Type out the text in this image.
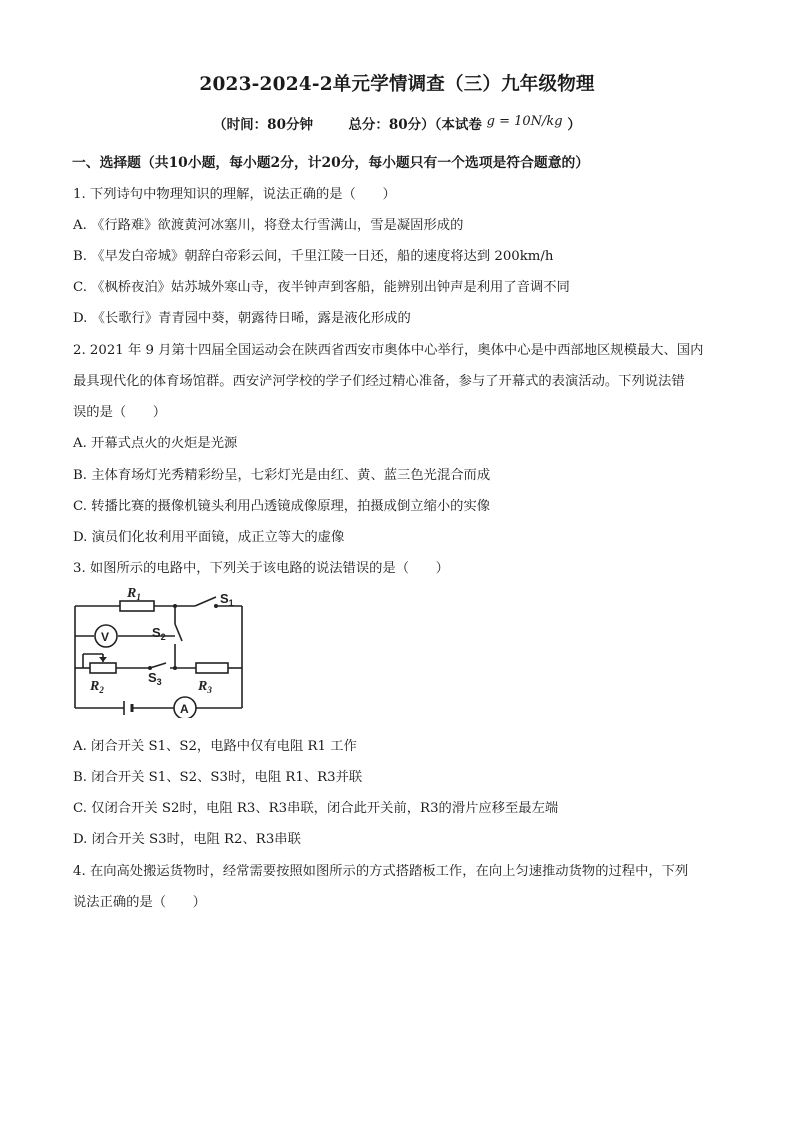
2023-2024-2单元学情调查（三）九年级物理
（时间：80分钟	总分：80分）（本试卷 g = 10N/kg ）
一、选择题（共10小题，每小题2分，计20分，每小题只有一个选项是符合题意的）
1. 下列诗句中物理知识的理解，说法正确的是（　　）
A. 《行路难》欲渡黄河冰塞川，将登太行雪满山，雪是凝固形成的
B. 《早发白帝城》朝辞白帝彩云间，千里江陵一日还，船的速度将达到 200km/h
C. 《枫桥夜泊》姑苏城外寒山寺，夜半钟声到客船，能辨别出钟声是利用了音调不同
D. 《长歌行》青青园中葵，朝露待日晞，露是液化形成的
2. 2021 年 9 月第十四届全国运动会在陕西省西安市奥体中心举行，奥体中心是中西部地区规模最大、国内
最具现代化的体育场馆群。西安浐河学校的学子们经过精心准备，参与了开幕式的表演活动。下列说法错
误的是（　　）
A. 开幕式点火的火炬是光源
B. 主体育场灯光秀精彩纷呈，七彩灯光是由红、黄、蓝三色光混合而成
C. 转播比赛的摄像机镜头利用凸透镜成像原理，拍摄成倒立缩小的实像
D. 演员们化妆利用平面镜，成正立等大的虚像
3. 如图所示的电路中，下列关于该电路的说法错误的是（　　）
$R_1$
$R_2$	$R_3$
$S_1$
$S_2$
$S_3$
V
A
A. 闭合开关 S1、S2，电路中仅有电阻 R1 工作
B. 闭合开关 S1、S2、S3时，电阻 R1、R3并联
C. 仅闭合开关 S2时，电阻 R3、R3串联，闭合此开关前，R3的滑片应移至最左端
D. 闭合开关 S3时，电阻 R2、R3串联
4. 在向高处搬运货物时，经常需要按照如图所示的方式搭踏板工作，在向上匀速推动货物的过程中，下列
说法正确的是（　　）
